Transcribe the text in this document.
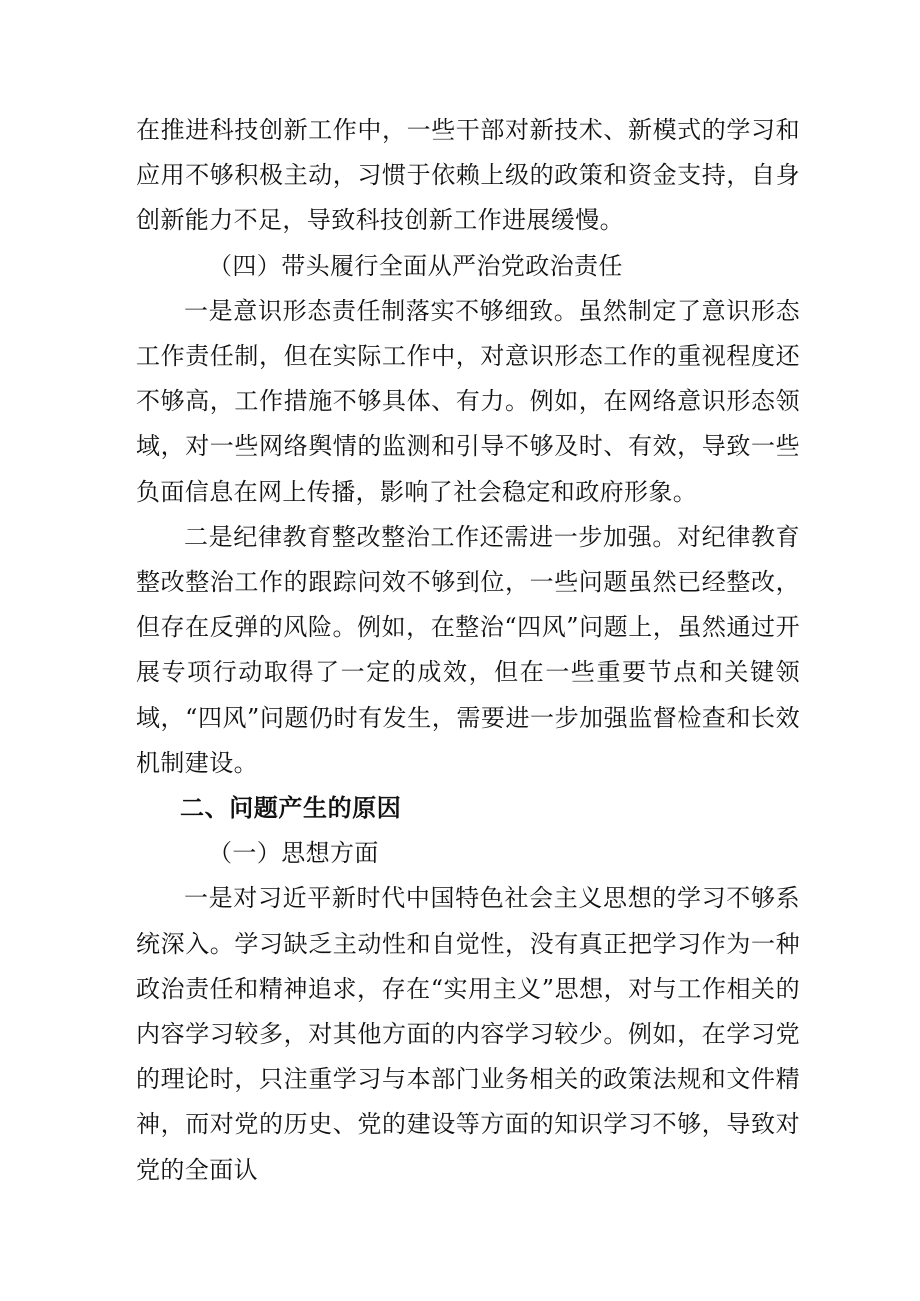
在推进科技创新工作中，一些干部对新技术、新模式的学习和应用不够积极主动，习惯于依赖上级的政策和资金支持，自身创新能力不足，导致科技创新工作进展缓慢。

（四）带头履行全面从严治党政治责任

一是意识形态责任制落实不够细致。虽然制定了意识形态工作责任制，但在实际工作中，对意识形态工作的重视程度还不够高，工作措施不够具体、有力。例如，在网络意识形态领域，对一些网络舆情的监测和引导不够及时、有效，导致一些负面信息在网上传播，影响了社会稳定和政府形象。

二是纪律教育整改整治工作还需进一步加强。对纪律教育整改整治工作的跟踪问效不够到位，一些问题虽然已经整改，但存在反弹的风险。例如，在整治“四风”问题上，虽然通过开展专项行动取得了一定的成效，但在一些重要节点和关键领域，“四风”问题仍时有发生，需要进一步加强监督检查和长效机制建设。

二、问题产生的原因

（一）思想方面

一是对习近平新时代中国特色社会主义思想的学习不够系统深入。学习缺乏主动性和自觉性，没有真正把学习作为一种政治责任和精神追求，存在“实用主义”思想，对与工作相关的内容学习较多，对其他方面的内容学习较少。例如，在学习党的理论时，只注重学习与本部门业务相关的政策法规和文件精神，而对党的历史、党的建设等方面的知识学习不够，导致对党的全面认
